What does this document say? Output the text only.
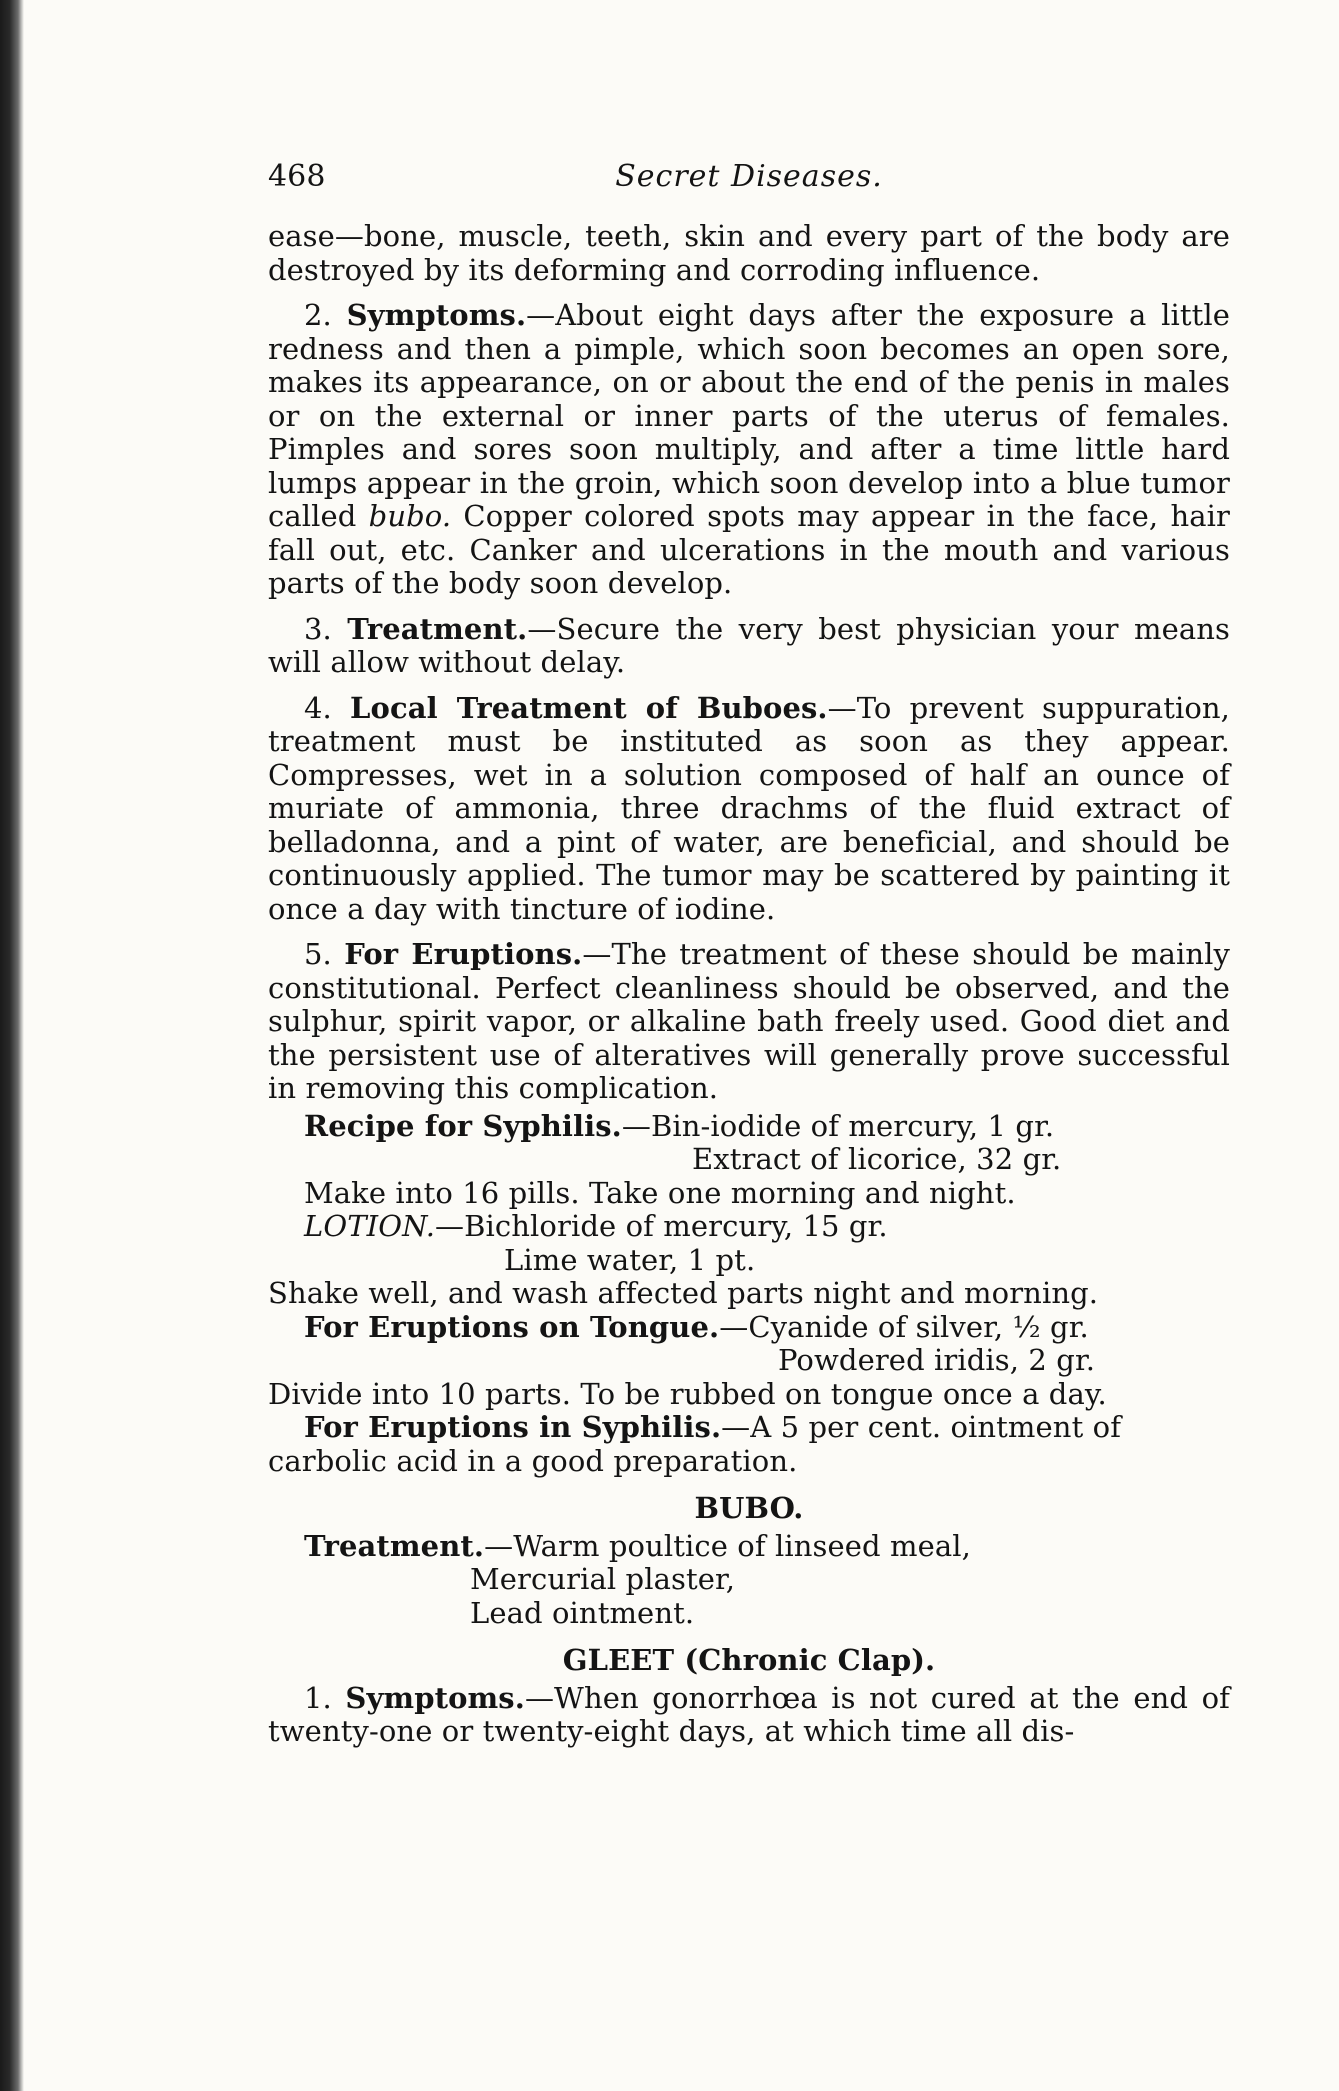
468	Secret Diseases.

ease—bone, muscle, teeth, skin and every part of the body are destroyed by its deforming and corroding influence.

2. Symptoms.—About eight days after the exposure a little redness and then a pimple, which soon becomes an open sore, makes its appearance, on or about the end of the penis in males or on the external or inner parts of the uterus of females. Pimples and sores soon multiply, and after a time little hard lumps appear in the groin, which soon develop into a blue tumor called bubo. Copper colored spots may appear in the face, hair fall out, etc. Canker and ulcerations in the mouth and various parts of the body soon develop.

3. Treatment.—Secure the very best physician your means will allow without delay.

4. Local Treatment of Buboes.—To prevent suppuration, treatment must be instituted as soon as they appear. Compresses, wet in a solution composed of half an ounce of muriate of ammonia, three drachms of the fluid extract of belladonna, and a pint of water, are beneficial, and should be continuously applied. The tumor may be scattered by painting it once a day with tincture of iodine.

5. For Eruptions.—The treatment of these should be mainly constitutional. Perfect cleanliness should be observed, and the sulphur, spirit vapor, or alkaline bath freely used. Good diet and the persistent use of alteratives will generally prove successful in removing this complication.

Recipe for Syphilis.—Bin-iodide of mercury, 1 gr.
Extract of licorice, 32 gr.
Make into 16 pills. Take one morning and night.
LOTION.—Bichloride of mercury, 15 gr.
Lime water, 1 pt.
Shake well, and wash affected parts night and morning.
For Eruptions on Tongue.—Cyanide of silver, ½ gr.
Powdered iridis, 2 gr.
Divide into 10 parts. To be rubbed on tongue once a day.
For Eruptions in Syphilis.—A 5 per cent. ointment of
carbolic acid in a good preparation.
BUBO.
Treatment.—Warm poultice of linseed meal,
Mercurial plaster,
Lead ointment.
GLEET (Chronic Clap).

1. Symptoms.—When gonorrhœa is not cured at the end of twenty-one or twenty-eight days, at which time all dis-
